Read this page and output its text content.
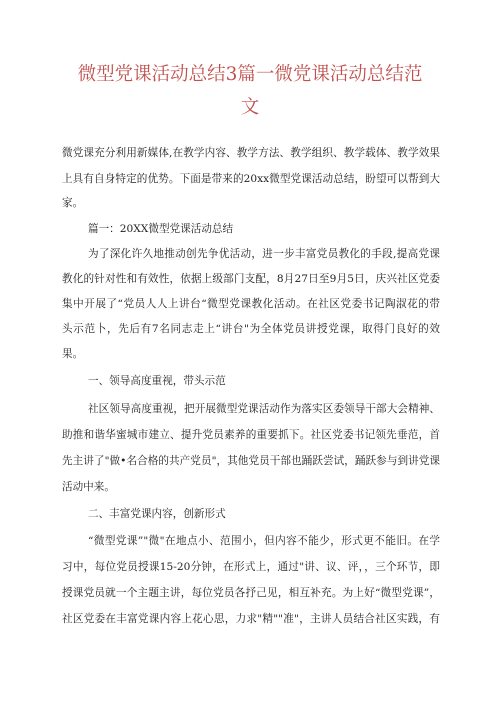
微型党课活动总结3篇一微党课活动总结范
文
微党课充分利用新媒体,在教学内容、教学方法、教学组织、教学载体、教学效果
上具有自身特定的优势。下面是带来的20xx微型党课活动总结，盼望可以帮到大
家。
篇一：20XX微型党课活动总结
为了深化许久地推动创先争优活动，进一步丰富党员教化的手段,提高党课
教化的针对性和有效性，依据上级部门支配，8月27日至9月5日，庆兴社区党委
集中开展了“党员人人上讲台“微型党课教化活动。在社区党委书记陶淑花的带
头示范卜，先后有7名同志走上“讲台"为全体党员讲授党课，取得门良好的效
果。
一、领导高度重视，带头示范
社区领导高度重视，把开展微型党课活动作为落实区委领导干部大会精神、
助推和谐华蜜城市建立、提升党员素养的重要抓下。社区党委书记领先垂范，首
先主讲了"做•名合格的共产党员"，其他党员干部也踊跃尝试，踊跃参与到讲党课
活动中来。
二、丰富党课内容，创新形式
“微型党课”"微"在地点小、范围小，但内容不能少，形式更不能旧。在学
习中，每位党员授课15-20分钟，在形式上，通过"讲、议、评，，三个环节，即
授课党员就一个主题主讲，每位党员各抒己见，相互补充。为上好“微型党课”，
社区党委在丰富党课内容上花心思，力求"精""准"，主讲人员结合社区实践，有
